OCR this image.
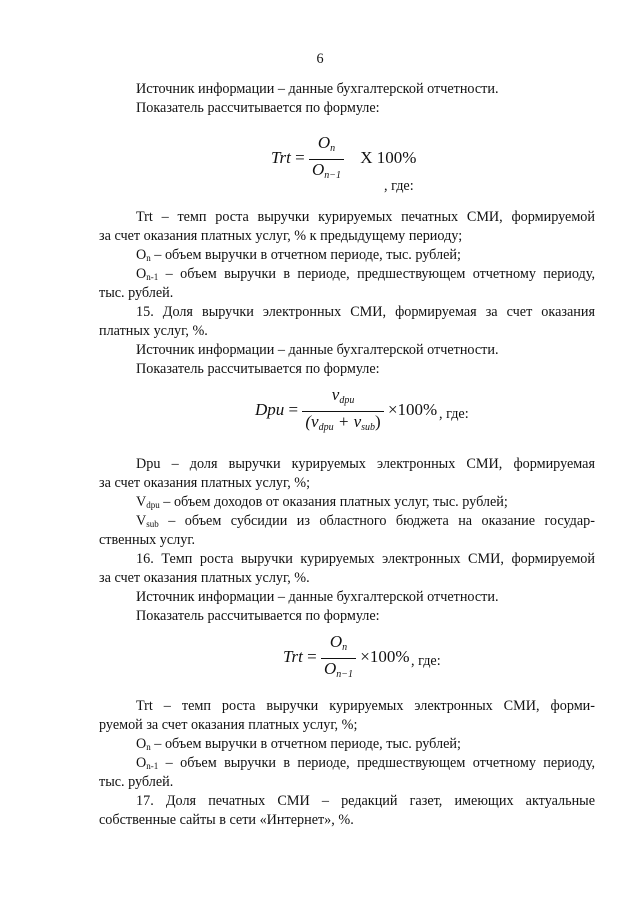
6
Источник информации – данные бухгалтерской отчетности.
Показатель рассчитывается по формуле:
Trt = $\frac{O_n}{O_{n-1}}$ X 100%
, где:
Trt – темп роста выручки курируемых печатных СМИ, формируемой
за счет оказания платных услуг, % к предыдущему периоду;
$О_n$ – объем выручки в отчетном периоде, тыс. рублей;
$О_{n-1}$ – объем выручки в периоде, предшествующем отчетному периоду,
тыс. рублей.
15. Доля выручки электронных СМИ, формируемая за счет оказания
платных услуг, %.
Источник информации – данные бухгалтерской отчетности.
Показатель рассчитывается по формуле:
Dpu = $\frac{v_{dpu}}{(v_{dpu} + v_{sub})} \times 100\%$ , где:
Dpu – доля выручки курируемых электронных СМИ, формируемая
за счет оказания платных услуг, %;
$V_{dpu}$ – объем доходов от оказания платных услуг, тыс. рублей;
$V_{sub}$ – объем субсидии из областного бюджета на оказание государ-
ственных услуг.
16. Темп роста выручки курируемых электронных СМИ, формируемой
за счет оказания платных услуг, %.
Источник информации – данные бухгалтерской отчетности.
Показатель рассчитывается по формуле:
Trt = $\frac{O_n}{O_{n-1}} \times 100\%$ , где:
Trt – темп роста выручки курируемых электронных СМИ, форми-
руемой за счет оказания платных услуг, %;
$О_n$ – объем выручки в отчетном периоде, тыс. рублей;
$О_{n-1}$ – объем выручки в периоде, предшествующем отчетному периоду,
тыс. рублей.
17. Доля печатных СМИ – редакций газет, имеющих актуальные
собственные сайты в сети «Интернет», %.
